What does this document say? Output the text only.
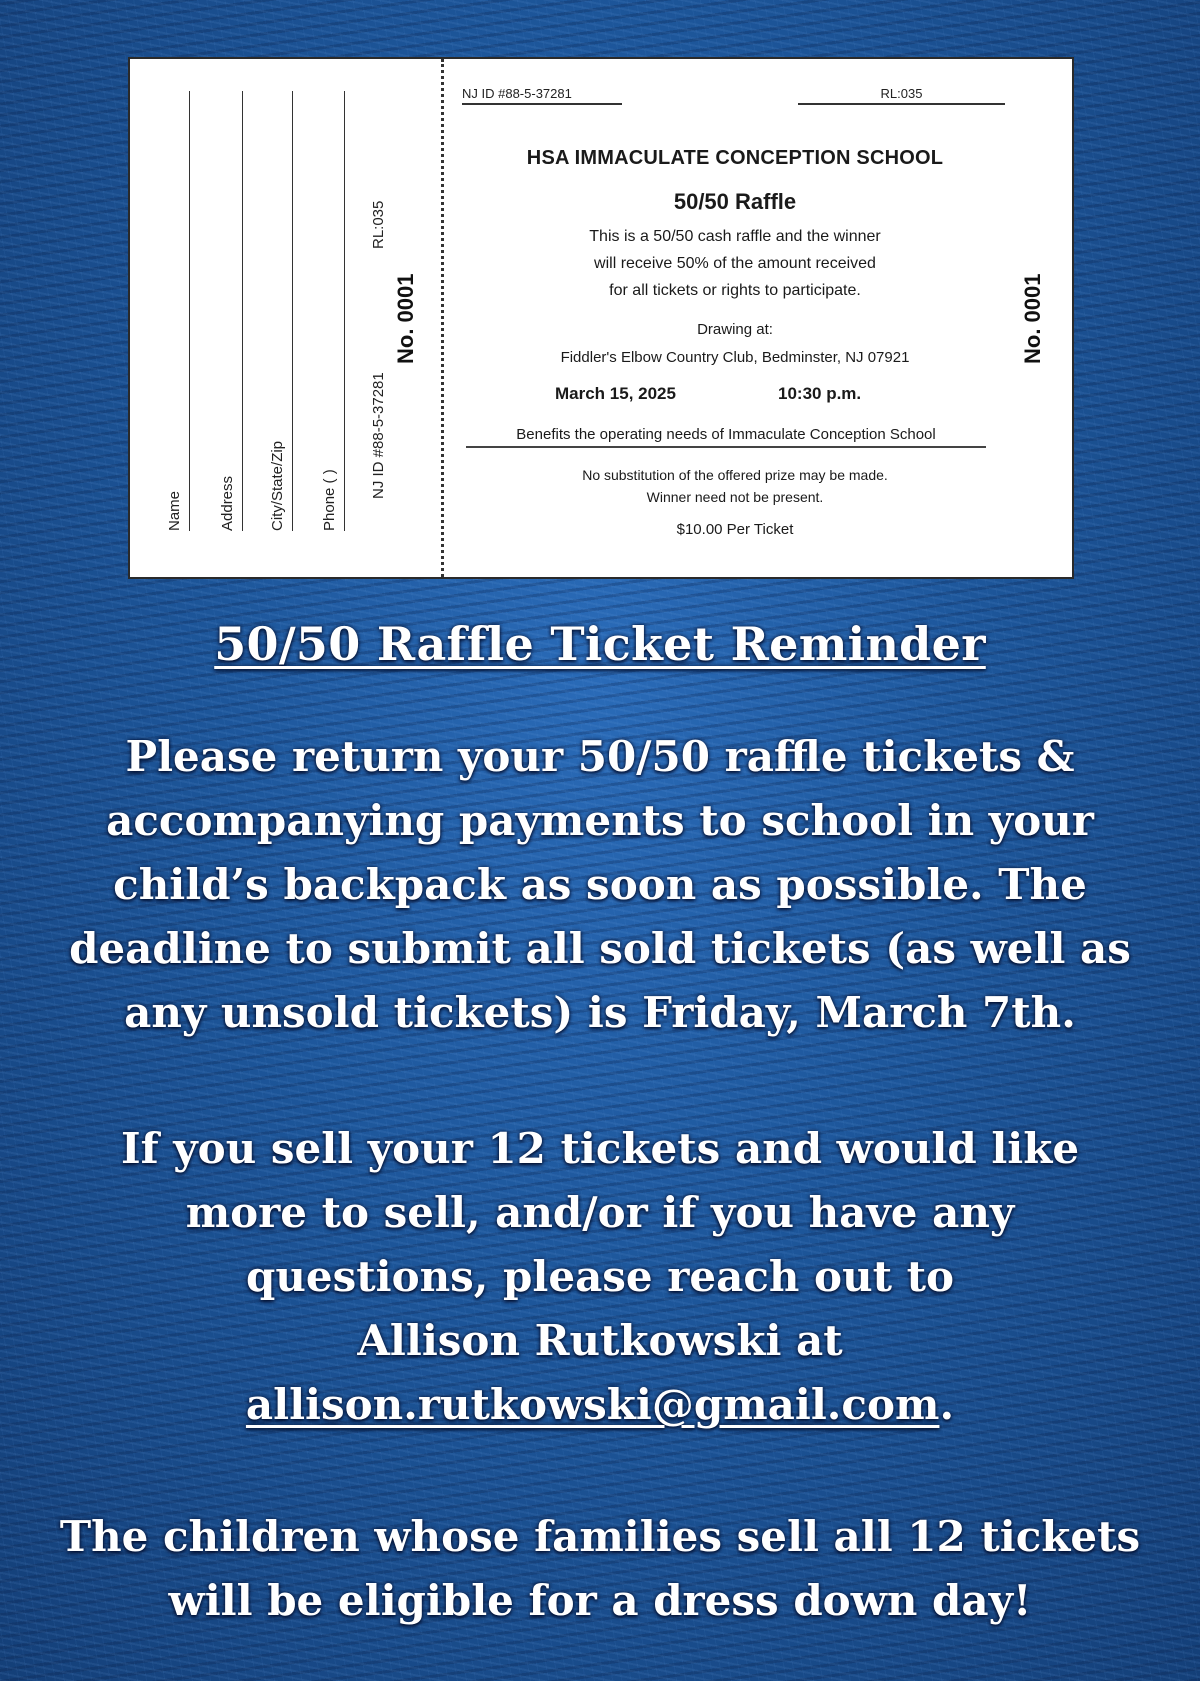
Name Address City/State/Zip Phone ( )
NJ ID #88-5-37281
RL:035
No. 0001
NJ ID #88-5-37281	RL:035
HSA IMMACULATE CONCEPTION SCHOOL
50/50 Raffle
This is a 50/50 cash raffle and the winner
will receive 50% of the amount received
for all tickets or rights to participate.
Drawing at:
Fiddler's Elbow Country Club, Bedminster, NJ 07921
March 15, 2025	10:30 p.m.
Benefits the operating needs of Immaculate Conception School
No substitution of the offered prize may be made.
Winner need not be present.
$10.00 Per Ticket
No. 0001
50/50 Raffle Ticket Reminder
Please return your 50/50 raffle tickets &
accompanying payments to school in your
child’s backpack as soon as possible. The
deadline to submit all sold tickets (as well as
any unsold tickets) is Friday, March 7th.
If you sell your 12 tickets and would like
more to sell, and/or if you have any
questions, please reach out to
Allison Rutkowski at
allison.rutkowski@gmail.com.
The children whose families sell all 12 tickets
will be eligible for a dress down day!
